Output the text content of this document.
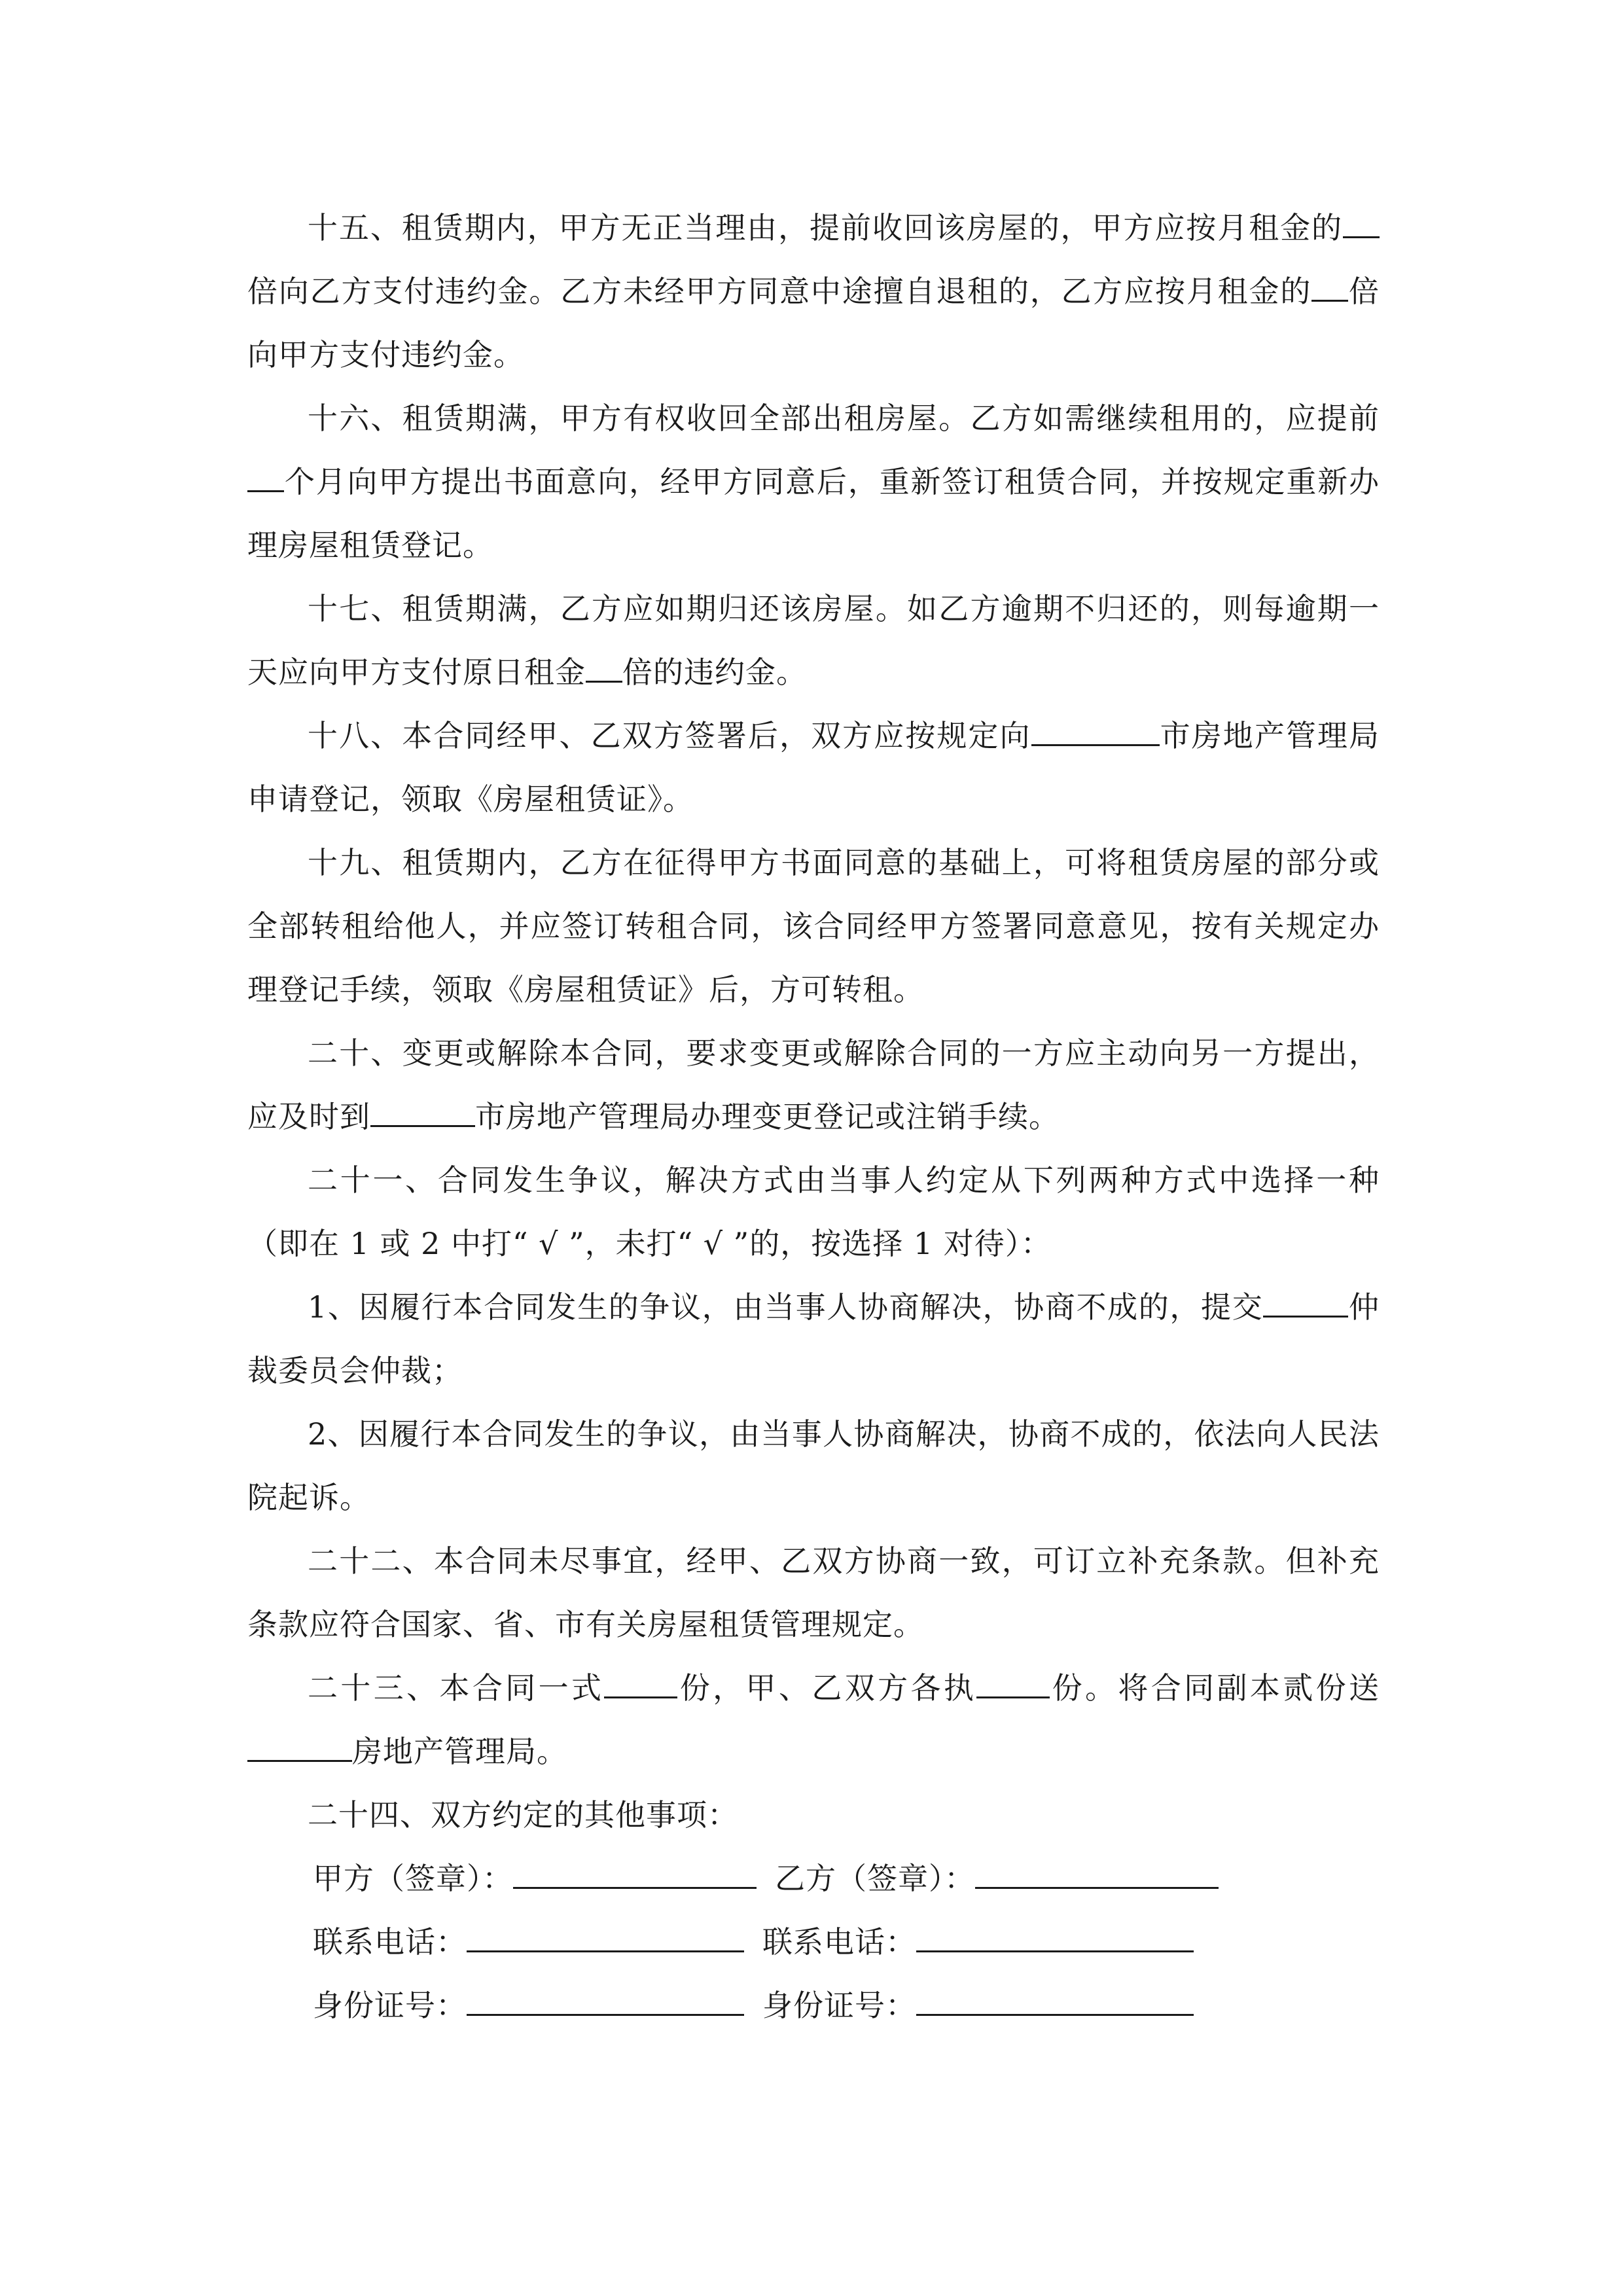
十五、租赁期内，甲方无正当理由，提前收回该房屋的，甲方应按月租金的倍向乙方支付违约金。乙方未经甲方同意中途擅自退租的，乙方应按月租金的 倍向甲方支付违约金。

十六、租赁期满，甲方有权收回全部出租房屋。乙方如需继续租用的，应提前个月向甲方提出书面意向，经甲方同意后，重新签订租赁合同，并按规定重新办理房屋租赁登记。

十七、租赁期满，乙方应如期归还该房屋。如乙方逾期不归还的，则每逾期一天应向甲方支付原日租金 倍的违约金。

十八、本合同经甲、乙双方签署后，双方应按规定向	市房地产管理局申请登记，领取《房屋租赁证》。

十九、租赁期内，乙方在征得甲方书面同意的基础上，可将租赁房屋的部分或全部转租给他人，并应签订转租合同，该合同经甲方签署同意意见，按有关规定办理登记手续，领取《房屋租赁证》后，方可转租。

二十、变更或解除本合同，要求变更或解除合同的一方应主动向另一方提出，应及时到	市房地产管理局办理变更登记或注销手续。

二十一、合同发生争议，解决方式由当事人约定从下列两种方式中选择一种（即在 1 或 2 中打“ √ ”，未打“ √ ”的，按选择 1 对待）：

1、因履行本合同发生的争议，由当事人协商解决，协商不成的，提交	仲裁委员会仲裁；

2、因履行本合同发生的争议，由当事人协商解决，协商不成的，依法向人民法院起诉。

二十二、本合同未尽事宜，经甲、乙双方协商一致，可订立补充条款。但补充条款应符合国家、省、市有关房屋租赁管理规定。

二十三、本合同一式 份，甲、乙双方各执 份。将合同副本贰份送房地产管理局。

二十四、双方约定的其他事项：

甲方（签章）：	乙方（签章）：

联系电话：	联系电话：

身份证号：	身份证号：
